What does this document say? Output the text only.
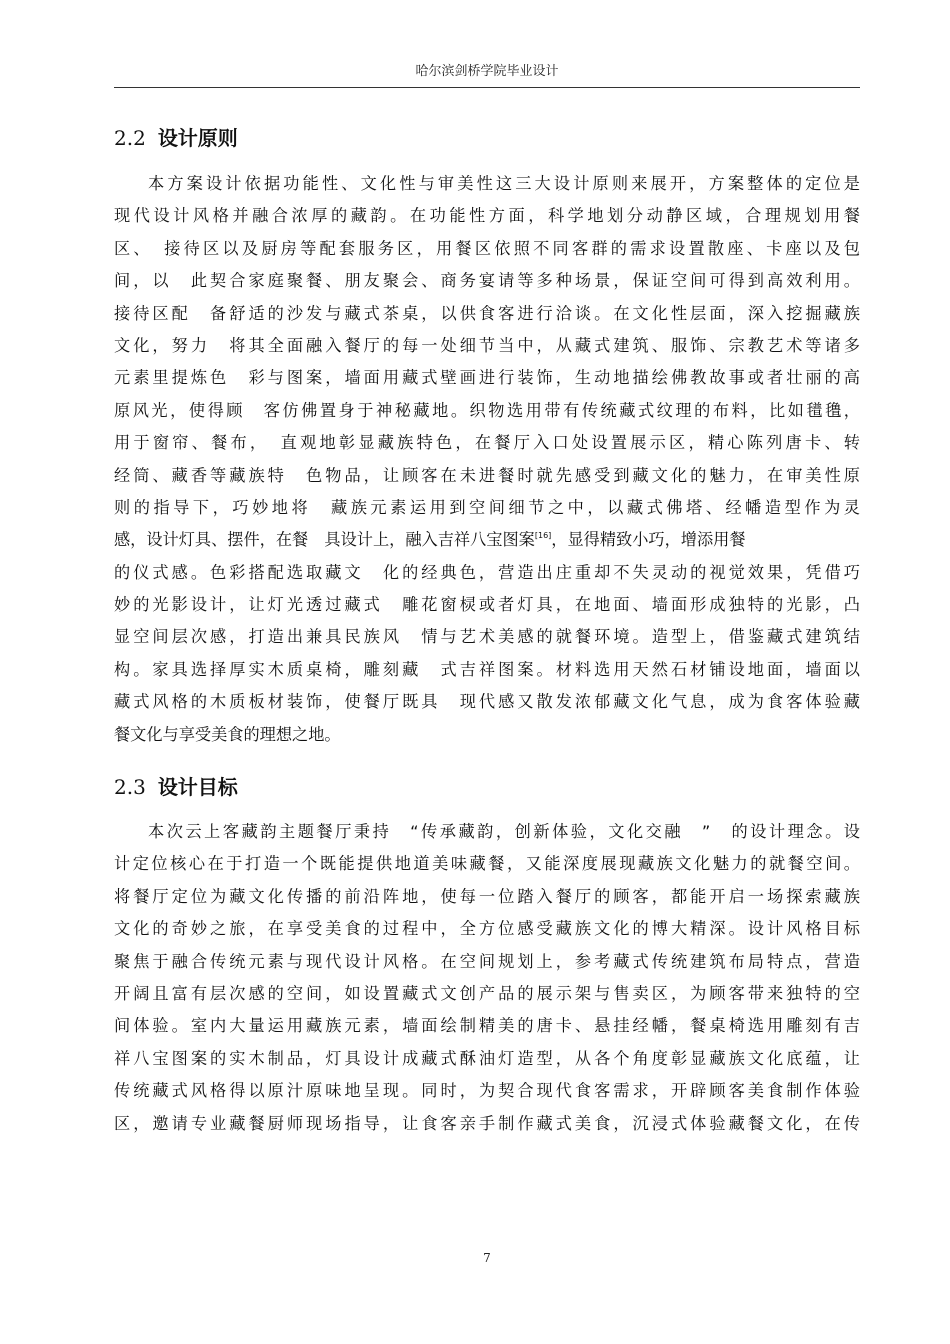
哈尔滨剑桥学院毕业设计
2.2 设计原则
本方案设计依据功能性、文化性与审美性这三大设计原则来展开，方案整体的定位是
现代设计风格并融合浓厚的藏韵。在功能性方面，科学地划分动静区域，合理规划用餐
区、　接待区以及厨房等配套服务区，用餐区依照不同客群的需求设置散座、卡座以及包
间，以　此契合家庭聚餐、朋友聚会、商务宴请等多种场景，保证空间可得到高效利用。
接待区配　备舒适的沙发与藏式茶桌，以供食客进行洽谈。在文化性层面，深入挖掘藏族
文化，努力　将其全面融入餐厅的每一处细节当中，从藏式建筑、服饰、宗教艺术等诸多
元素里提炼色　彩与图案，墙面用藏式壁画进行装饰，生动地描绘佛教故事或者壮丽的高
原风光，使得顾　客仿佛置身于神秘藏地。织物选用带有传统藏式纹理的布料，比如氆氇，
用于窗帘、餐布，　直观地彰显藏族特色，在餐厅入口处设置展示区，精心陈列唐卡、转
经筒、藏香等藏族特　色物品，让顾客在未进餐时就先感受到藏文化的魅力，在审美性原
则的指导下，巧妙地将　藏族元素运用到空间细节之中，以藏式佛塔、经幡造型作为灵
感，设计灯具、摆件，在餐　具设计上，融入吉祥八宝图案[16]，显得精致小巧，增添用餐
的仪式感。色彩搭配选取藏文　化的经典色，营造出庄重却不失灵动的视觉效果，凭借巧
妙的光影设计，让灯光透过藏式　雕花窗棂或者灯具，在地面、墙面形成独特的光影，凸
显空间层次感，打造出兼具民族风　情与艺术美感的就餐环境。造型上，借鉴藏式建筑结
构。家具选择厚实木质桌椅，雕刻藏　式吉祥图案。材料选用天然石材铺设地面，墙面以
藏式风格的木质板材装饰，使餐厅既具　现代感又散发浓郁藏文化气息，成为食客体验藏
餐文化与享受美食的理想之地。
2.3 设计目标
本次云上客藏韵主题餐厅秉持　“传承藏韵，创新体验，文化交融　”　的设计理念。设
计定位核心在于打造一个既能提供地道美味藏餐，又能深度展现藏族文化魅力的就餐空间。
将餐厅定位为藏文化传播的前沿阵地，使每一位踏入餐厅的顾客，都能开启一场探索藏族
文化的奇妙之旅，在享受美食的过程中，全方位感受藏族文化的博大精深。设计风格目标
聚焦于融合传统元素与现代设计风格。在空间规划上，参考藏式传统建筑布局特点，营造
开阔且富有层次感的空间，如设置藏式文创产品的展示架与售卖区，为顾客带来独特的空
间体验。室内大量运用藏族元素，墙面绘制精美的唐卡、悬挂经幡，餐桌椅选用雕刻有吉
祥八宝图案的实木制品，灯具设计成藏式酥油灯造型，从各个角度彰显藏族文化底蕴，让
传统藏式风格得以原汁原味地呈现。同时，为契合现代食客需求，开辟顾客美食制作体验
区，邀请专业藏餐厨师现场指导，让食客亲手制作藏式美食，沉浸式体验藏餐文化，在传
7
